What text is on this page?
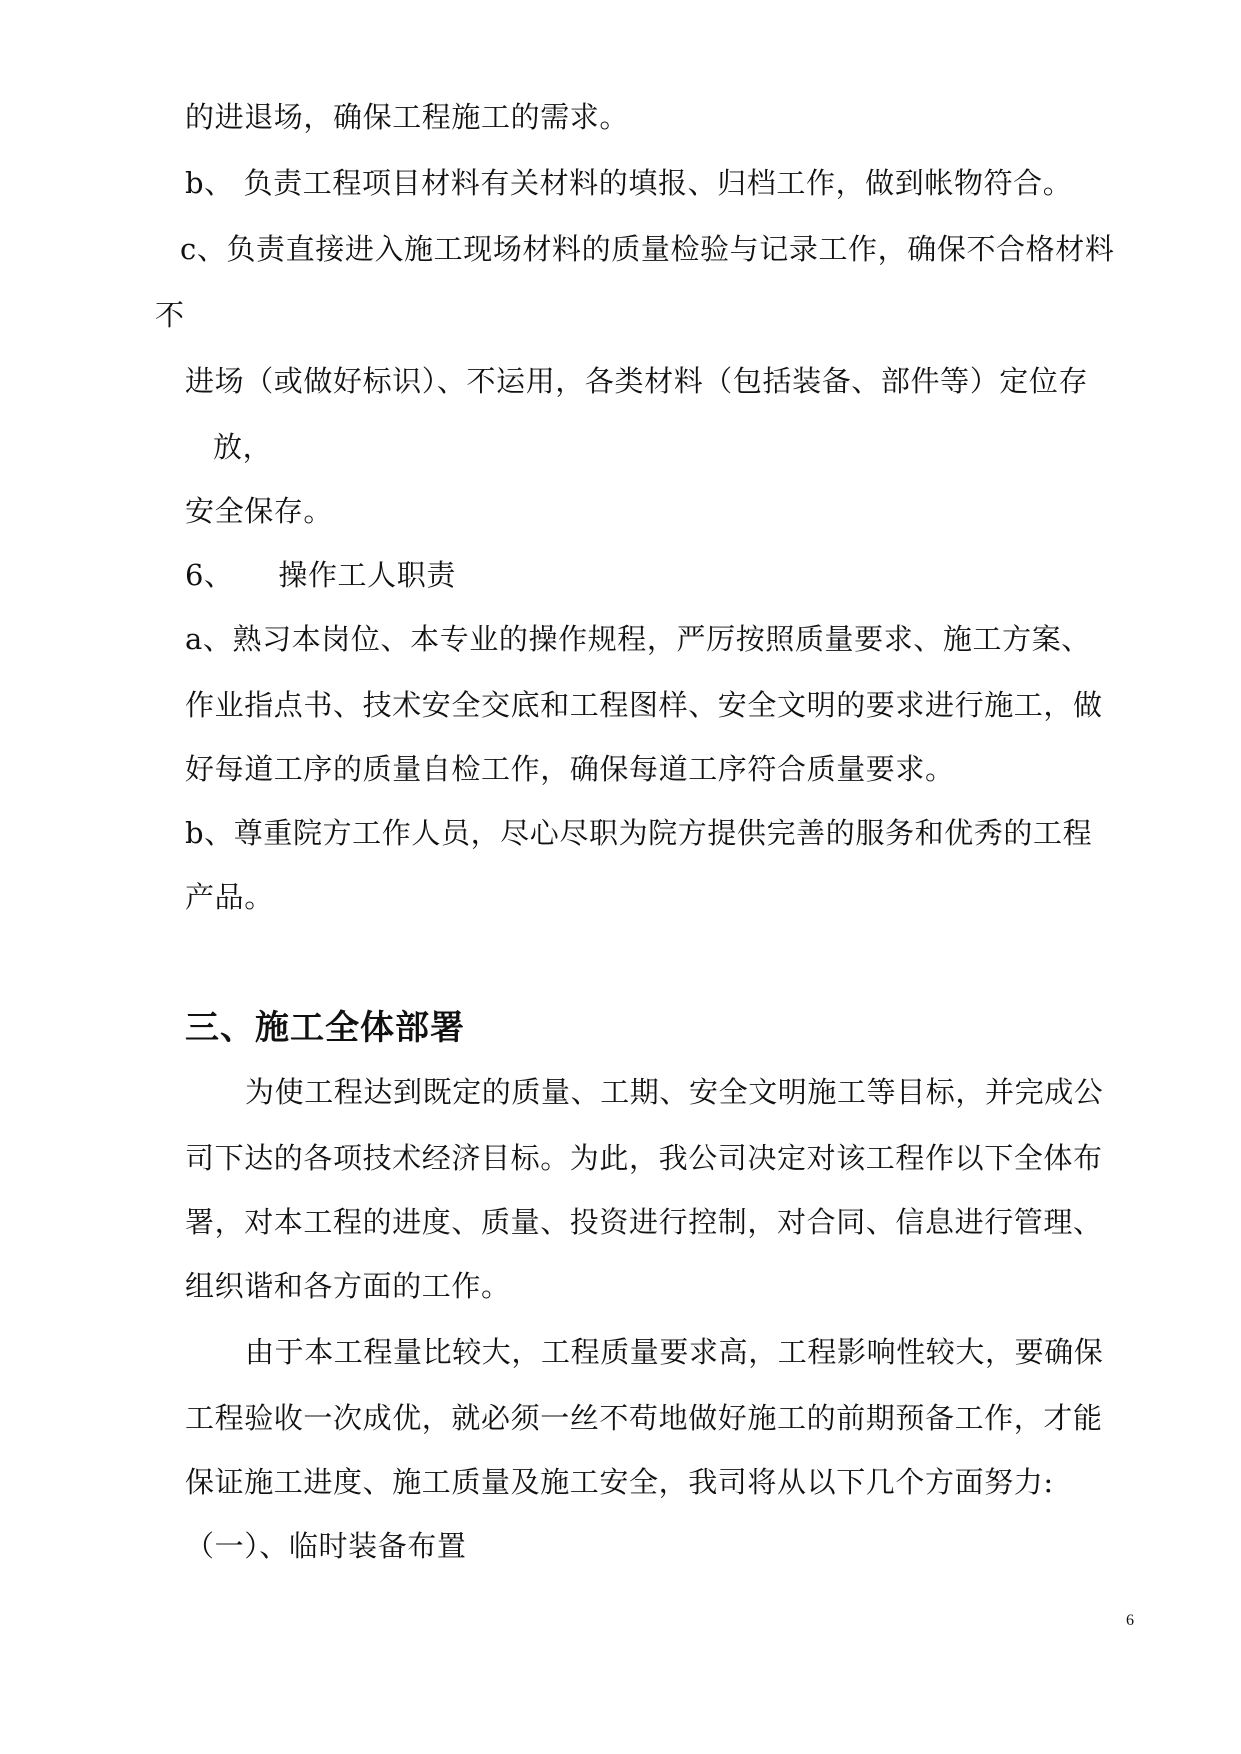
的进退场，确保工程施工的需求。
b、 负责工程项目材料有关材料的填报、归档工作，做到帐物符合。
c、负责直接进入施工现场材料的质量检验与记录工作，确保不合格材料
不
进场（或做好标识）、不运用，各类材料（包括装备、部件等）定位存
放，
安全保存。
6、　　操作工人职责
a、熟习本岗位、本专业的操作规程，严厉按照质量要求、施工方案、
作业指点书、技术安全交底和工程图样、安全文明的要求进行施工，做
好每道工序的质量自检工作，确保每道工序符合质量要求。
b、尊重院方工作人员，尽心尽职为院方提供完善的服务和优秀的工程
产品。
三、施工全体部署
为使工程达到既定的质量、工期、安全文明施工等目标，并完成公
司下达的各项技术经济目标。为此，我公司决定对该工程作以下全体布
署，对本工程的进度、质量、投资进行控制，对合同、信息进行管理、
组织谐和各方面的工作。
由于本工程量比较大，工程质量要求高，工程影响性较大，要确保
工程验收一次成优，就必须一丝不苟地做好施工的前期预备工作，才能
保证施工进度、施工质量及施工安全，我司将从以下几个方面努力:
（一）、临时装备布置
6
